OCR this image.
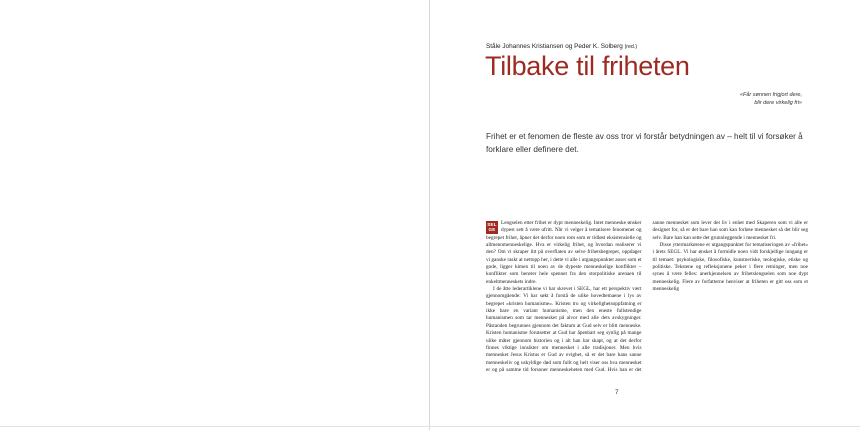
Ståle Johannes Kristiansen og Peder K. Solberg (red.)
Tilbake til friheten
«Får sønnen frigjort dere,
blir dere virkelig fri»

Frihet er et fenomen de fleste av oss tror vi forstår betydningen av – helt til vi forsøker å forklare eller definere det.

SEL
GE
Lengselen etter frihet er dypt menneskelig. Intet menneske ønsker dypest sett å være ufritt. Når vi velger å tematisere fenomenet og begrepet frihet, åpner det derfor noen rom som er tidløst eksistensielle og allmennmenneskelige. Hva er virkelig frihet, og hvordan realiserer vi den? Om vi skraper litt på overflaten av selve frihetsbegrepet, oppdager vi ganske raskt at nettopp her, i dette vi alle i utgangspunktet anser som et gode, ligger kimen til noen av de dypeste menneskelige konflikter – konflikter som berører hele spennet fra den storpolitiske arenaen til enkeltmenneskets indre.

I de åtte lederartiklene vi har skrevet i SEGL, har ett perspektiv vært gjennomgående: Vi har søkt å forstå de ulike hovedtemaene i lys av begrepet «kristen humanisme». Kristen tro og virkelighetsoppfatning er ikke bare en variant humanisme, men den eneste fullstendige humanismen som tar mennesket på alvor med alle dets avskygninger. Påstanden begrunnes gjennom det faktum at Gud selv er blitt menneske. Kristen humanisme forutsetter at Gud har åpenbart seg synlig på mange ulike måter gjennom historien og i alt han har skapt, og at det derfor finnes viktige innsikter om mennesket i alle tradisjoner. Men hvis mennesket Jesus Kristus er Gud av evighet, så er det bare hans sanne menneskeliv og uskyldige død som fullt og helt viser oss hva mennesket er og på samme tid forsoner menneskeheten med Gud. Hvis han er det sanne mennesket som lever det liv i enhet med Skaperen som vi alle er designet for, så er det bare han som kan forløse mennesket så det blir seg selv. Bare han kan sette det grunnleggende i mennesket fri.

Disse yttermarkørene er utgangspunktet for tematiseringen av «frihet» i årets SEGL. Vi har ønsket å formidle noen vidt forskjellige inngang er til temaet: psykologiske, filosofiske, kunstneriske, teologiske, etiske og politiske. Tekstene og refleksjonene peker i flere retninger, men noe synes å være felles: anerkjennelsen av frihetslengselen som noe dypt menneskelig. Flere av forfatterne henviser at friheten er gitt oss som et menneskelig

7
